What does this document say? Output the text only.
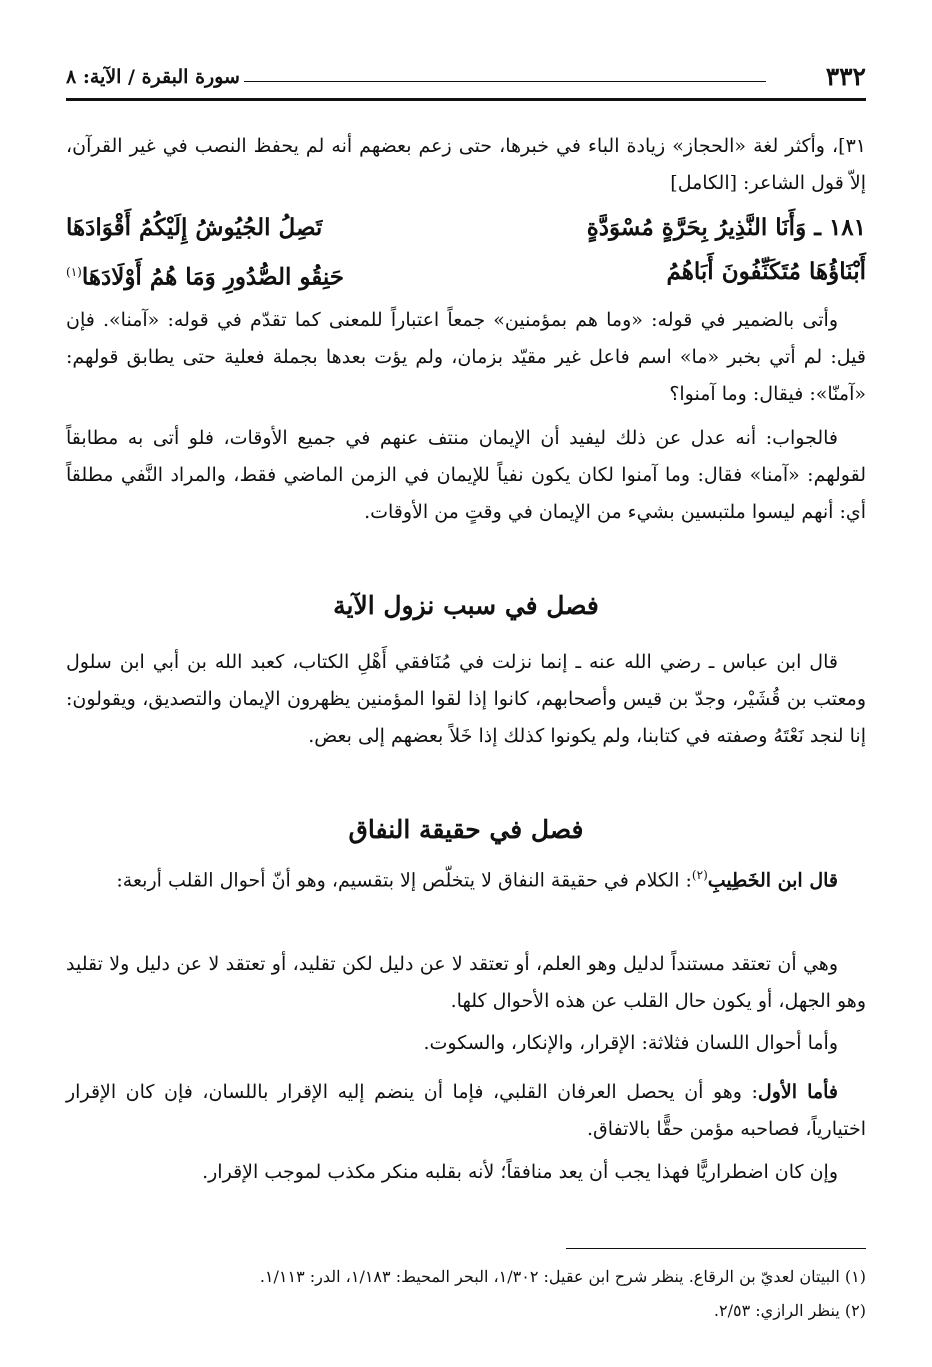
٣٣٢
سورة البقرة / الآية: ٨

٣١]، وأكثر لغة «الحجاز» زيادة الباء في خبرها، حتى زعم بعضهم أنه لم يحفظ النصب في غير القرآن، إلاّ قول الشاعر: [الكامل]

١٨١ ـ وَأَنَا النَّذِيرُ بِحَرَّةٍ مُسْوَدَّةٍ
تَصِلُ الجُيُوشُ إِلَيْكُمُ أَقْوَادَهَا
أَبْنَاؤُهَا مُتَكَنِّفُونَ أَبَاهُمُ
حَنِقُو الصُّدُورِ وَمَا هُمُ أَوْلَادَهَا$^{(١)}$

وأتى بالضمير في قوله: «وما هم بمؤمنين» جمعاً اعتباراً للمعنى كما تقدّم في قوله: «آمنا». فإن قيل: لم أتي بخبر «ما» اسم فاعل غير مقيّد بزمان، ولم يؤت بعدها بجملة فعلية حتى يطابق قولهم: «آمنّا»: فيقال: وما آمنوا؟

فالجواب: أنه عدل عن ذلك ليفيد أن الإيمان منتف عنهم في جميع الأوقات، فلو أتى به مطابقاً لقولهم: «آمنا» فقال: وما آمنوا لكان يكون نفياً للإيمان في الزمن الماضي فقط، والمراد النَّفي مطلقاً أي: أنهم ليسوا ملتبسين بشيء من الإيمان في وقتٍ من الأوقات.

فصل في سبب نزول الآية

قال ابن عباس ـ رضي الله عنه ـ إنما نزلت في مُنَافقي أَهْلِ الكتاب، كعبد الله بن أبي ابن سلول ومعتب بن قُشَيْر، وجدّ بن قيس وأصحابهم، كانوا إذا لقوا المؤمنين يظهرون الإيمان والتصديق، ويقولون: إنا لنجد نَعْتَهُ وصفته في كتابنا، ولم يكونوا كذلك إذا خَلاً بعضهم إلى بعض.

فصل في حقيقة النفاق

قال ابن الخَطِيبِ$^{(٢)}$: الكلام في حقيقة النفاق لا يتخلّص إلا بتقسيم، وهو أنّ أحوال القلب أربعة:

وهي أن تعتقد مستنداً لدليل وهو العلم، أو تعتقد لا عن دليل لكن تقليد، أو تعتقد لا عن دليل ولا تقليد وهو الجهل، أو يكون حال القلب عن هذه الأحوال كلها.

وأما أحوال اللسان فثلاثة: الإقرار، والإنكار، والسكوت.

فأما الأول: وهو أن يحصل العرفان القلبي، فإما أن ينضم إليه الإقرار باللسان، فإن كان الإقرار اختيارياً، فصاحبه مؤمن حقًّا بالاتفاق.

وإن كان اضطراريًّا فهذا يجب أن يعد منافقاً؛ لأنه بقلبه منكر مكذب لموجب الإقرار.

(١) البيتان لعديّ بن الرقاع. ينظر شرح ابن عقيل: ١/٣٠٢، البحر المحيط: ١/١٨٣، الدر: ١/١١٣.
(٢) ينظر الرازي: ٢/٥٣.
